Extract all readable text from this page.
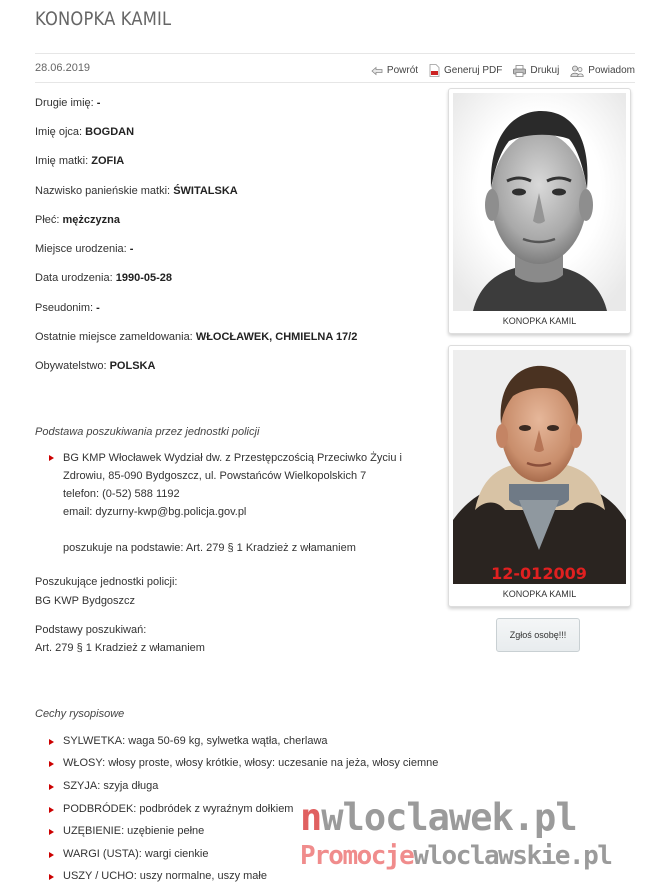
KONOPKA KAMIL
28.06.2019	Powrót	Generuj PDF	Drukuj	Powiadom
Drugie imię: -
Imię ojca: BOGDAN
Imię matki: ZOFIA
Nazwisko panieńskie matki: ŚWITALSKA
Płeć: mężczyzna
Miejsce urodzenia: -
Data urodzenia: 1990-05-28
Pseudonim: -
Ostatnie miejsce zameldowania: WŁOCŁAWEK, CHMIELNA 17/2
Obywatelstwo: POLSKA
Podstawa poszukiwania przez jednostki policji
BG KMP Włocławek Wydział dw. z Przestępczością Przeciwko Życiu i
Zdrowiu, 85-090 Bydgoszcz, ul. Powstańców Wielkopolskich 7
telefon: (0-52) 588 1192
email: dyzurny-kwp@bg.policja.gov.pl
poszukuje na podstawie: Art. 279 § 1 Kradzież z włamaniem
Poszukujące jednostki policji:
BG KWP Bydgoszcz
Podstawy poszukiwań:
Art. 279 § 1 Kradzież z włamaniem
Cechy rysopisowe
SYLWETKA: waga 50-69 kg, sylwetka wątła, cherlawa
WŁOSY: włosy proste, włosy krótkie, włosy: uczesanie na jeża, włosy ciemne
SZYJA: szyja długa
PODBRÓDEK: podbródek z wyraźnym dołkiem
UZĘBIENIE: uzębienie pełne
WARGI (USTA): wargi cienkie
USZY / UCHO: uszy normalne, uszy małe
KONOPKA KAMIL
12-012009
KONOPKA KAMIL
Zgłoś osobę!!!
nwloclawek.pl
Promocjewloclawskie.pl
